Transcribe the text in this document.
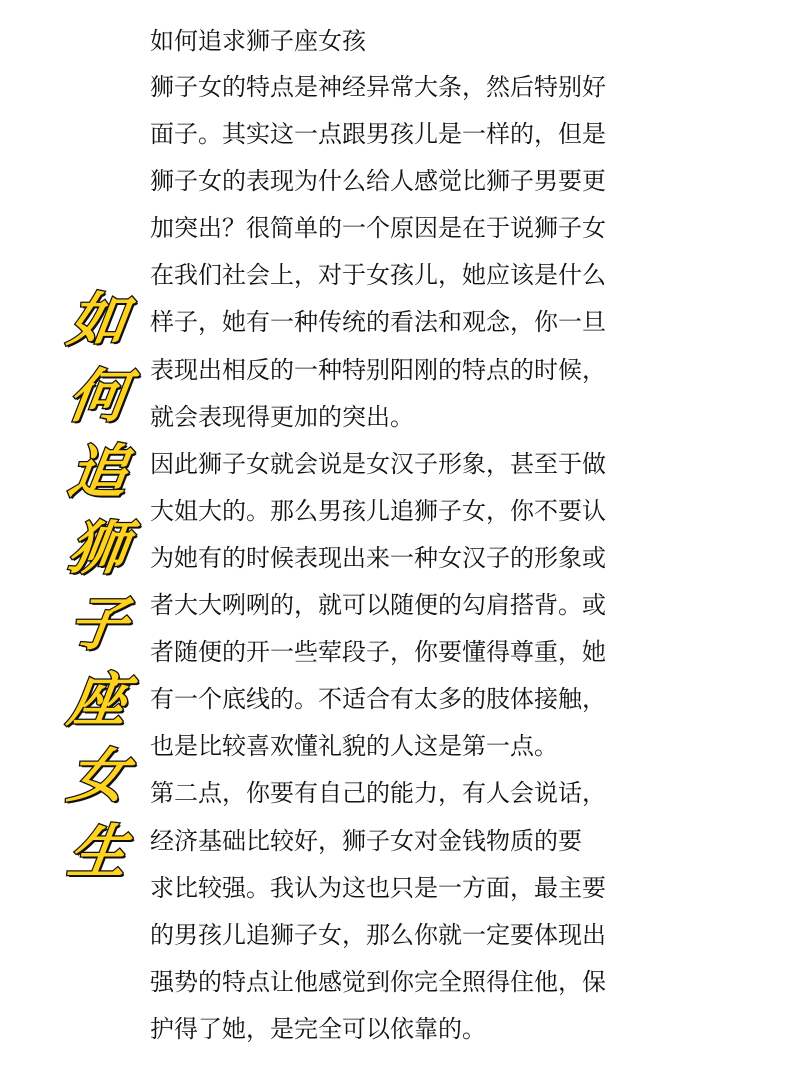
如
何
追
狮
子
座
女
生
如何追求狮子座女孩

狮子女的特点是神经异常大条，然后特别好

面子。其实这一点跟男孩儿是一样的，但是

狮子女的表现为什么给人感觉比狮子男要更

加突出？很简单的一个原因是在于说狮子女

在我们社会上，对于女孩儿，她应该是什么

样子，她有一种传统的看法和观念，你一旦

表现出相反的一种特别阳刚的特点的时候，

就会表现得更加的突出。

因此狮子女就会说是女汉子形象，甚至于做

大姐大的。那么男孩儿追狮子女，你不要认

为她有的时候表现出来一种女汉子的形象或

者大大咧咧的，就可以随便的勾肩搭背。或

者随便的开一些荤段子，你要懂得尊重，她

有一个底线的。不适合有太多的肢体接触，

也是比较喜欢懂礼貌的人这是第一点。

第二点，你要有自己的能力，有人会说话，

经济基础比较好，狮子女对金钱物质的要

求比较强。我认为这也只是一方面，最主要

的男孩儿追狮子女，那么你就一定要体现出

强势的特点让他感觉到你完全照得住他，保

护得了她，是完全可以依靠的。
